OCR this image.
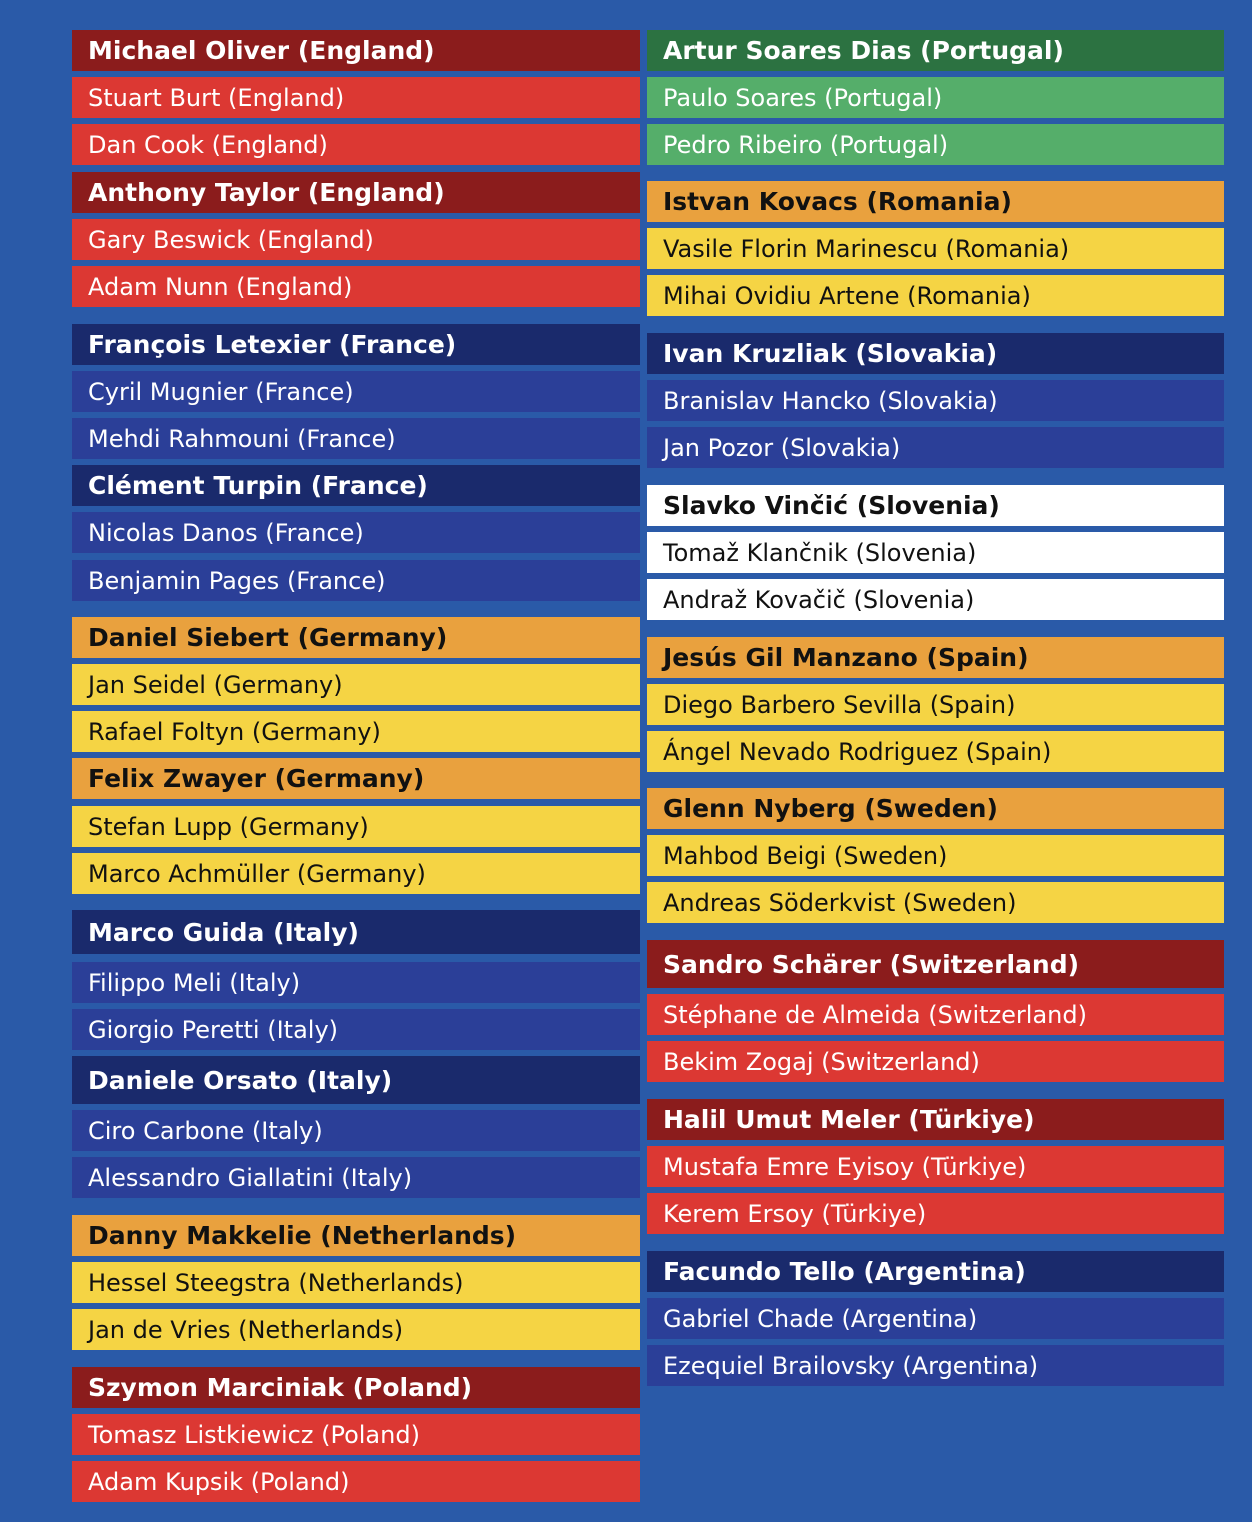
Michael Oliver (England)
Stuart Burt (England)
Dan Cook (England)
Anthony Taylor (England)
Gary Beswick (England)
Adam Nunn (England)
François Letexier (France)
Cyril Mugnier (France)
Mehdi Rahmouni (France)
Clément Turpin (France)
Nicolas Danos (France)
Benjamin Pages (France)
Daniel Siebert (Germany)
Jan Seidel (Germany)
Rafael Foltyn (Germany)
Felix Zwayer (Germany)
Stefan Lupp (Germany)
Marco Achmüller (Germany)
Marco Guida (Italy)
Filippo Meli (Italy)
Giorgio Peretti (Italy)
Daniele Orsato (Italy)
Ciro Carbone (Italy)
Alessandro Giallatini (Italy)
Danny Makkelie (Netherlands)
Hessel Steegstra (Netherlands)
Jan de Vries (Netherlands)
Szymon Marciniak (Poland)
Tomasz Listkiewicz (Poland)
Adam Kupsik (Poland)
Artur Soares Dias (Portugal)
Paulo Soares (Portugal)
Pedro Ribeiro (Portugal)
Istvan Kovacs (Romania)
Vasile Florin Marinescu (Romania)
Mihai Ovidiu Artene (Romania)
Ivan Kruzliak (Slovakia)
Branislav Hancko (Slovakia)
Jan Pozor (Slovakia)
Slavko Vinčić (Slovenia)
Tomaž Klančnik (Slovenia)
Andraž Kovačič (Slovenia)
Jesús Gil Manzano (Spain)
Diego Barbero Sevilla (Spain)
Ángel Nevado Rodriguez (Spain)
Glenn Nyberg (Sweden)
Mahbod Beigi (Sweden)
Andreas Söderkvist (Sweden)
Sandro Schärer (Switzerland)
Stéphane de Almeida (Switzerland)
Bekim Zogaj (Switzerland)
Halil Umut Meler (Türkiye)
Mustafa Emre Eyisoy (Türkiye)
Kerem Ersoy (Türkiye)
Facundo Tello (Argentina)
Gabriel Chade (Argentina)
Ezequiel Brailovsky (Argentina)
